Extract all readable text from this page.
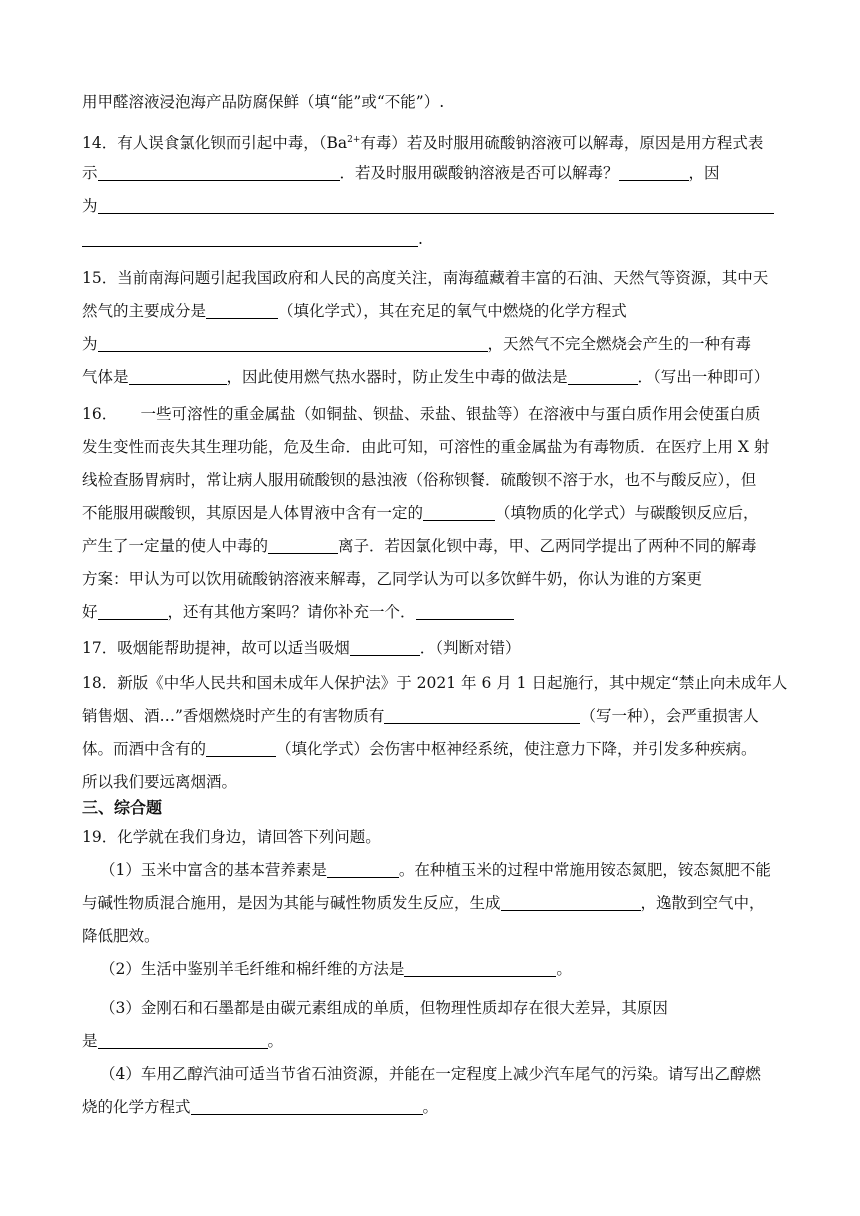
用甲醛溶液浸泡海产品防腐保鲜（填“能”或“不能”）.
14．有人误食氯化钡而引起中毒，（$Ba^{2+}$有毒）若及时服用硫酸钠溶液可以解毒，原因是用方程式表
示	．若及时服用碳酸钠溶液是否可以解毒？	，因
为
.
15．当前南海问题引起我国政府和人民的高度关注，南海蕴藏着丰富的石油、天然气等资源，其中天
然气的主要成分是	（填化学式），其在充足的氧气中燃烧的化学方程式
为	，天然气不完全燃烧会产生的一种有毒
气体是	，因此使用燃气热水器时，防止发生中毒的做法是	．（写出一种即可）
16．　　一些可溶性的重金属盐（如铜盐、钡盐、汞盐、银盐等）在溶液中与蛋白质作用会使蛋白质
发生变性而丧失其生理功能，危及生命．由此可知，可溶性的重金属盐为有毒物质．在医疗上用 X 射
线检查肠胃病时，常让病人服用硫酸钡的悬浊液（俗称钡餐．硫酸钡不溶于水，也不与酸反应），但
不能服用碳酸钡，其原因是人体胃液中含有一定的	（填物质的化学式）与碳酸钡反应后，
产生了一定量的使人中毒的	离子．若因氯化钡中毒，甲、乙两同学提出了两种不同的解毒
方案：甲认为可以饮用硫酸钠溶液来解毒，乙同学认为可以多饮鲜牛奶，你认为谁的方案更
好	，还有其他方案吗？请你补充一个．
17．吸烟能帮助提神，故可以适当吸烟	．（判断对错）
18．新版《中华人民共和国未成年人保护法》于 2021 年 6 月 1 日起施行，其中规定“禁止向未成年人
销售烟、酒…”香烟燃烧时产生的有害物质有	（写一种），会严重损害人
体。而酒中含有的	（填化学式）会伤害中枢神经系统，使注意力下降，并引发多种疾病。
所以我们要远离烟酒。
三、综合题
19．化学就在我们身边，请回答下列问题。
（1）玉米中富含的基本营养素是	。在种植玉米的过程中常施用铵态氮肥，铵态氮肥不能
与碱性物质混合施用，是因为其能与碱性物质发生反应，生成	，逸散到空气中，
降低肥效。
（2）生活中鉴别羊毛纤维和棉纤维的方法是	。
（3）金刚石和石墨都是由碳元素组成的单质，但物理性质却存在很大差异，其原因
是	。
（4）车用乙醇汽油可适当节省石油资源，并能在一定程度上减少汽车尾气的污染。请写出乙醇燃
烧的化学方程式	。
